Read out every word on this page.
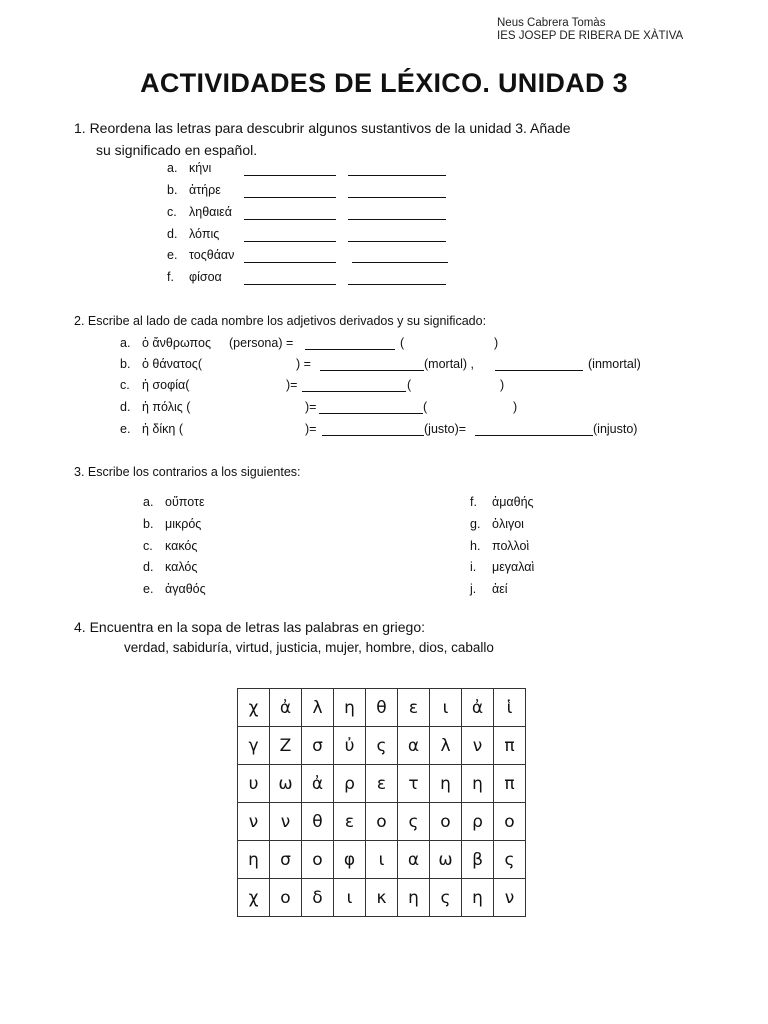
Neus Cabrera Tomàs
IES JOSEP DE RIBERA DE XÀTIVA
ACTIVIDADES DE LÉXICO. UNIDAD 3
1. Reordena las letras para descubrir algunos sustantivos de la unidad 3. Añade
su significado en español.
a. κήνι
b. ἀτήρε
c. ληθαιεά
d. λόπις
e. τοςθάαν
f. φίσοα
2. Escribe al lado de cada nombre los adjetivos derivados y su significado:
a. ὁ ἄνθρωπος (persona) =	(	)
b. ὁ θάνατος(	) =	(mortal) ,	(inmortal)
c. ἡ σοφία(	)=	(	)
d. ἡ πόλις (	)=	(	)
e. ἡ δίκη (	)=	(justo)=	(injusto)
3. Escribe los contrarios a los siguientes:
a. οὔποτε
b. μικρός
c. κακός
d. καλός
e. ἀγαθός
f. ἀμαθής
g. ὀλιγοι
h. πολλοὶ
i. μεγαλαὶ
j. ἀεί
4. Encuentra en la sopa de letras las palabras en griego:
verdad, sabiduría, virtud, justicia, mujer, hombre, dios, caballo
χ	ἀ	λ	η	θ	ε	ι	ἀ	ἱ
γ	Ζ	σ	ὐ	ς	α	λ	ν	π
υ	ω	ἀ	ρ	ε	τ	η	η	π
ν	ν	θ	ε	ο	ς	ο	ρ	ο
η	σ	ο	φ	ι	α	ω	β	ς
χ	ο	δ	ι	κ	η	ς	η	ν
